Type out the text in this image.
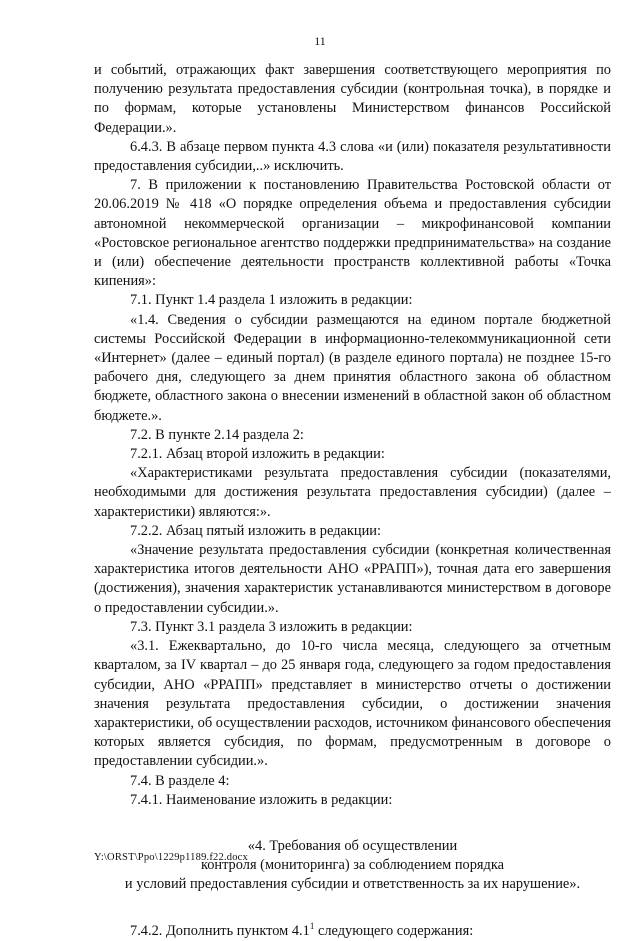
11

и событий, отражающих факт завершения соответствующего мероприятия по получению результата предоставления субсидии (контрольная точка), в порядке и по формам, которые установлены Министерством финансов Российской Федерации.».

6.4.3. В абзаце первом пункта 4.3 слова «и (или) показателя результативности предоставления субсидии,..» исключить.

7. В приложении к постановлению Правительства Ростовской области от 20.06.2019 № 418 «О порядке определения объема и предоставления субсидии автономной некоммерческой организации – микрофинансовой компании «Ростовское региональное агентство поддержки предпринимательства» на создание и (или) обеспечение деятельности пространств коллективной работы «Точка кипения»:

7.1. Пункт 1.4 раздела 1 изложить в редакции:

«1.4. Сведения о субсидии размещаются на едином портале бюджетной системы Российской Федерации в информационно-телекоммуникационной сети «Интернет» (далее – единый портал) (в разделе единого портала) не позднее 15-го рабочего дня, следующего за днем принятия областного закона об областном бюджете, областного закона о внесении изменений в областной закон об областном бюджете.».

7.2. В пункте 2.14 раздела 2:

7.2.1. Абзац второй изложить в редакции:

«Характеристиками результата предоставления субсидии (показателями, необходимыми для достижения результата предоставления субсидии) (далее – характеристики) являются:».

7.2.2. Абзац пятый изложить в редакции:

«Значение результата предоставления субсидии (конкретная количественная характеристика итогов деятельности АНО «РРАПП»), точная дата его завершения (достижения), значения характеристик устанавливаются министерством в договоре о предоставлении субсидии.».

7.3. Пункт 3.1 раздела 3 изложить в редакции:

«3.1. Ежеквартально, до 10-го числа месяца, следующего за отчетным кварталом, за IV квартал – до 25 января года, следующего за годом предоставления субсидии, АНО «РРАПП» представляет в министерство отчеты о достижении значения результата предоставления субсидии, о достижении значения характеристики, об осуществлении расходов, источником финансового обеспечения которых является субсидия, по формам, предусмотренным в договоре о предоставлении субсидии.».

7.4. В разделе 4:

7.4.1. Наименование изложить в редакции:

«4. Требования об осуществлении

контроля (мониторинга) за соблюдением порядка

и условий предоставления субсидии и ответственность за их нарушение».

7.4.2. Дополнить пунктом $4.1^1$ следующего содержания:

Y:\ORST\Ppo\1229p1189.f22.docx
